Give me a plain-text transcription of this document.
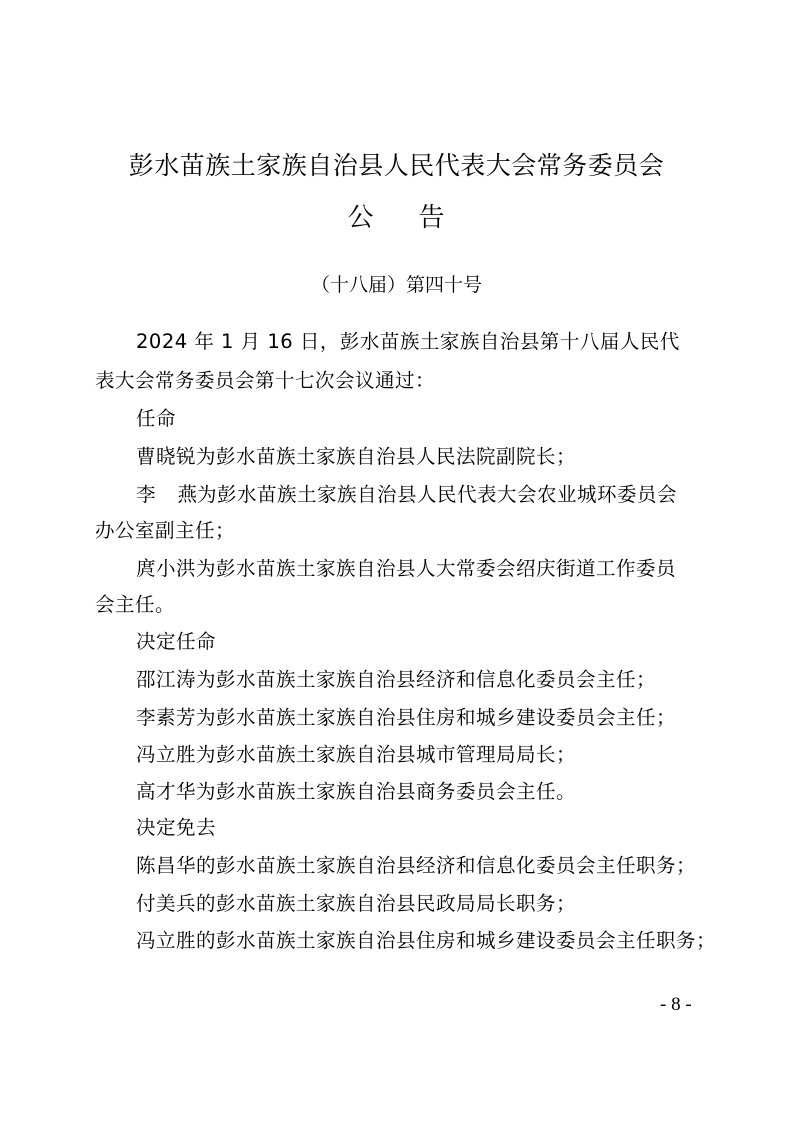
彭水苗族土家族自治县人民代表大会常务委员会
公 告
（十八届）第四十号
2024 年 1 月 16 日，彭水苗族土家族自治县第十八届人民代
表大会常务委员会第十七次会议通过：
任命
曹晓锐为彭水苗族土家族自治县人民法院副院长；
李 燕为彭水苗族土家族自治县人民代表大会农业城环委员会
办公室副主任；
庹小洪为彭水苗族土家族自治县人大常委会绍庆街道工作委员
会主任。
决定任命
邵江涛为彭水苗族土家族自治县经济和信息化委员会主任；
李素芳为彭水苗族土家族自治县住房和城乡建设委员会主任；
冯立胜为彭水苗族土家族自治县城市管理局局长；
高才华为彭水苗族土家族自治县商务委员会主任。
决定免去
陈昌华的彭水苗族土家族自治县经济和信息化委员会主任职务；
付美兵的彭水苗族土家族自治县民政局局长职务；
冯立胜的彭水苗族土家族自治县住房和城乡建设委员会主任职务；
- 8 -
